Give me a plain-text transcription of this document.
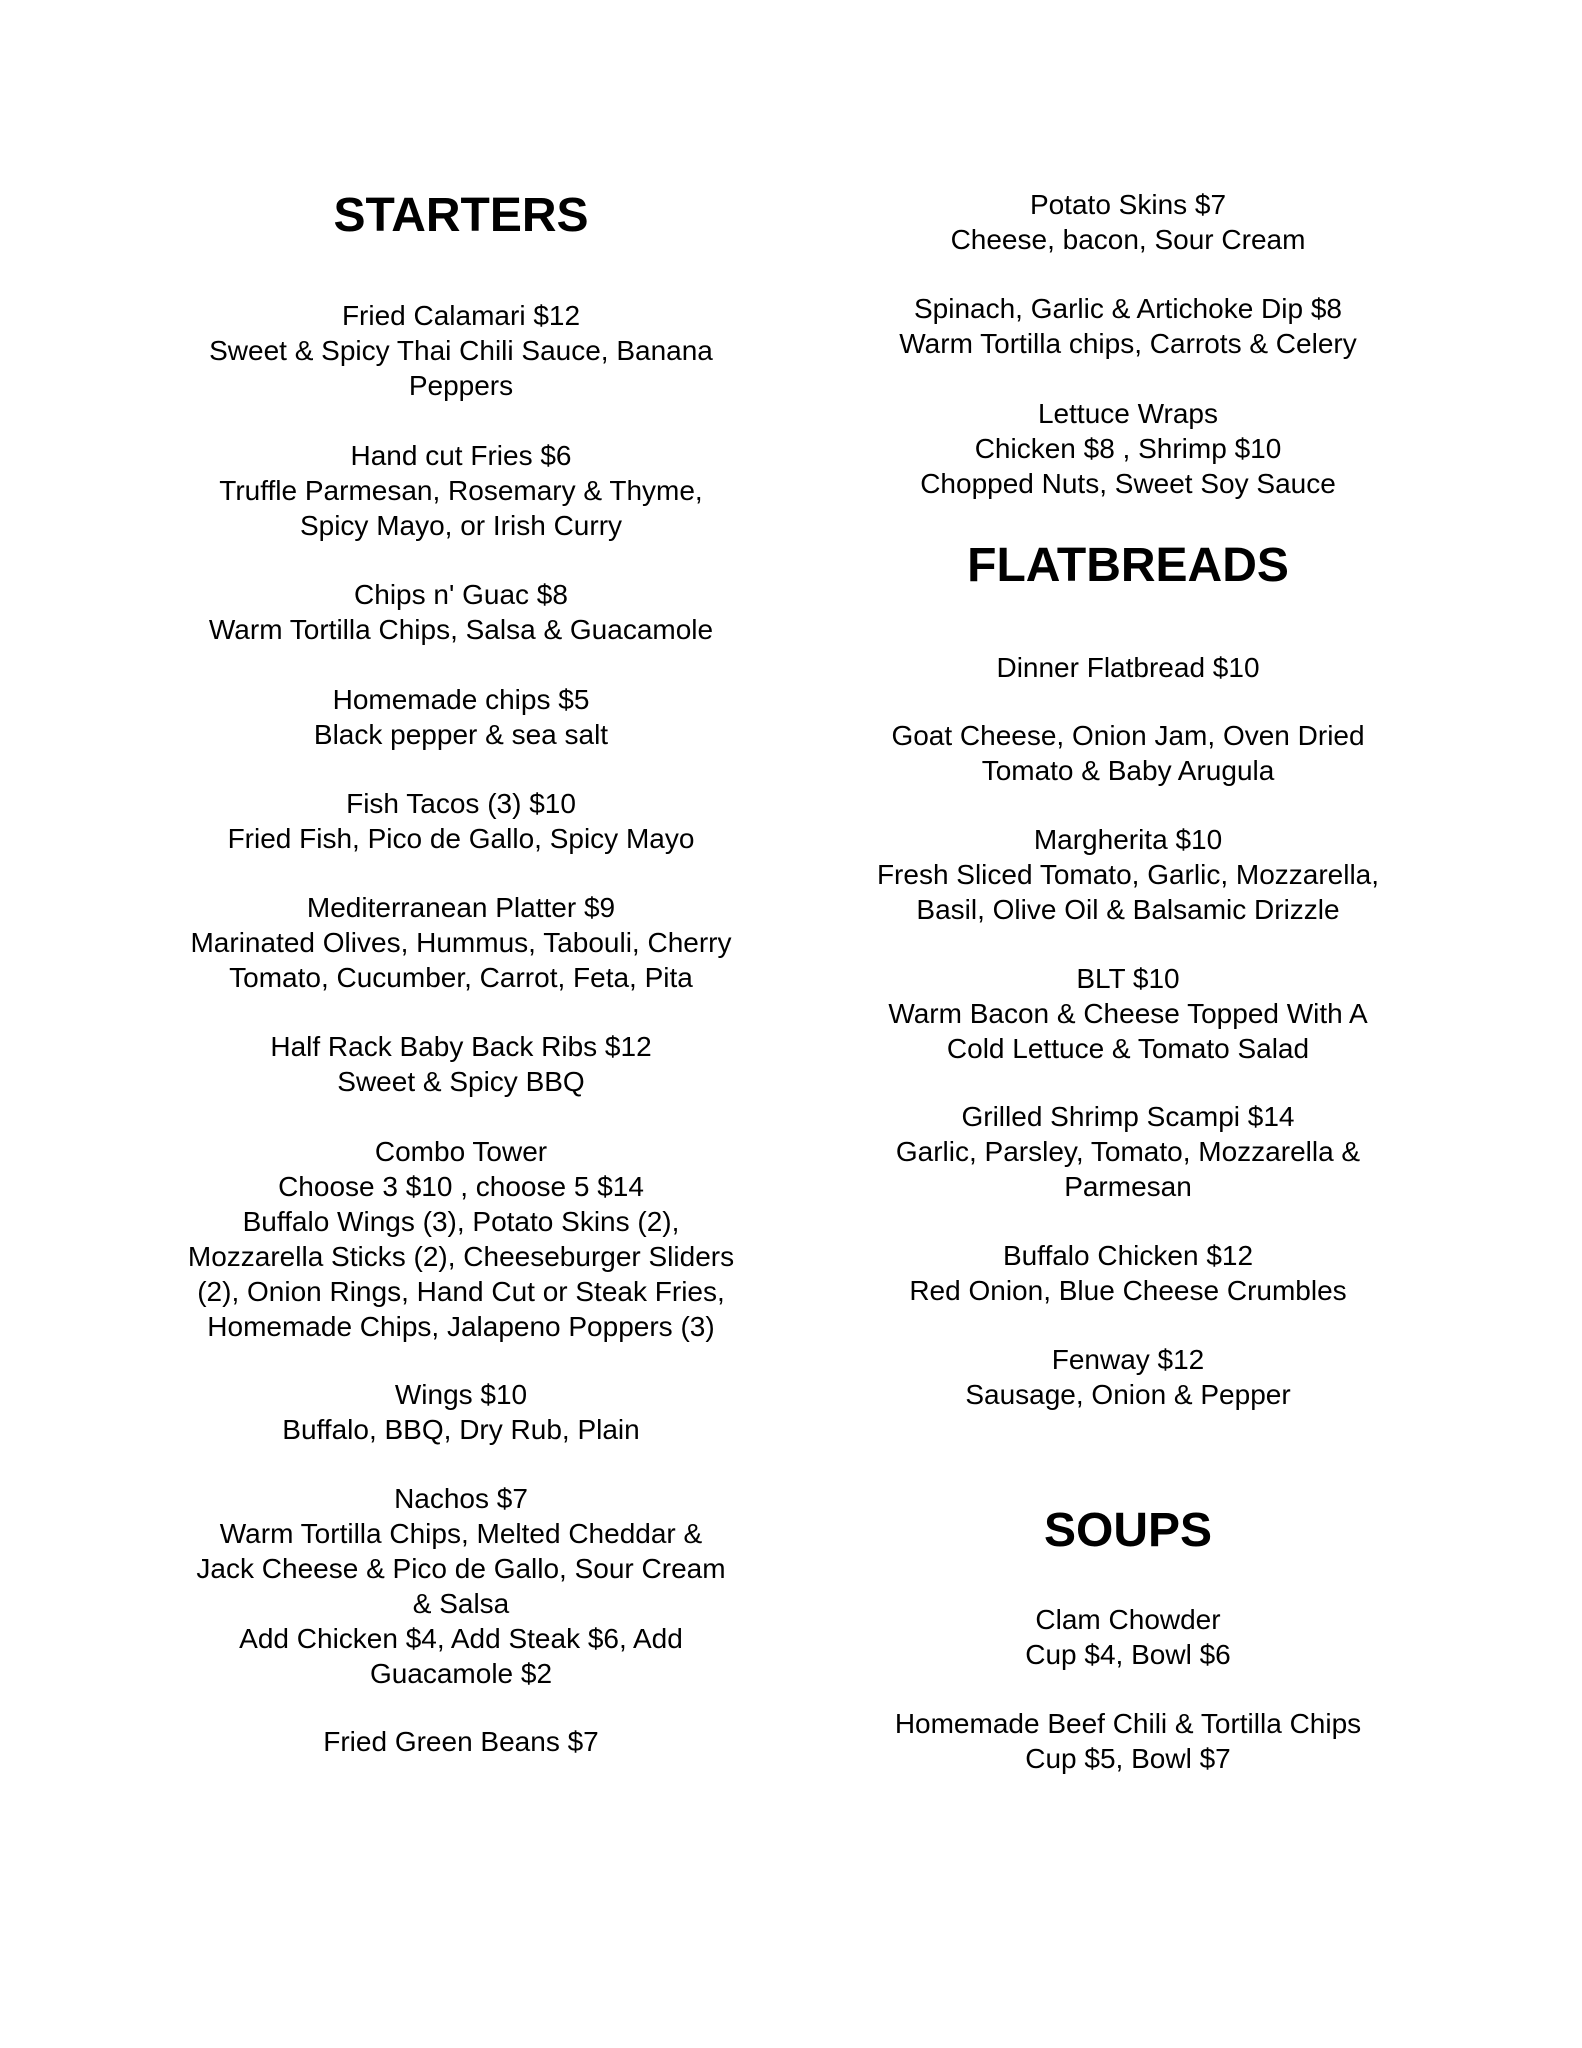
STARTERS
Fried Calamari $12
Sweet & Spicy Thai Chili Sauce, Banana
Peppers
Hand cut Fries $6
Truffle Parmesan, Rosemary & Thyme,
Spicy Mayo, or Irish Curry
Chips n' Guac $8
Warm Tortilla Chips, Salsa & Guacamole
Homemade chips $5
Black pepper & sea salt
Fish Tacos (3) $10
Fried Fish, Pico de Gallo, Spicy Mayo
Mediterranean Platter $9
Marinated Olives, Hummus, Tabouli, Cherry
Tomato, Cucumber, Carrot, Feta, Pita
Half Rack Baby Back Ribs $12
Sweet & Spicy BBQ
Combo Tower
Choose 3 $10 , choose 5 $14
Buffalo Wings (3), Potato Skins (2),
Mozzarella Sticks (2), Cheeseburger Sliders
(2), Onion Rings, Hand Cut or Steak Fries,
Homemade Chips, Jalapeno Poppers (3)
Wings $10
Buffalo, BBQ, Dry Rub, Plain
Nachos $7
Warm Tortilla Chips, Melted Cheddar &
Jack Cheese & Pico de Gallo, Sour Cream
& Salsa
Add Chicken $4, Add Steak $6, Add
Guacamole $2
Fried Green Beans $7
Potato Skins $7
Cheese, bacon, Sour Cream
Spinach, Garlic & Artichoke Dip $8
Warm Tortilla chips, Carrots & Celery
Lettuce Wraps
Chicken $8 , Shrimp $10
Chopped Nuts, Sweet Soy Sauce
FLATBREADS
Dinner Flatbread $10
Goat Cheese, Onion Jam, Oven Dried
Tomato & Baby Arugula
Margherita $10
Fresh Sliced Tomato, Garlic, Mozzarella,
Basil, Olive Oil & Balsamic Drizzle
BLT $10
Warm Bacon & Cheese Topped With A
Cold Lettuce & Tomato Salad
Grilled Shrimp Scampi $14
Garlic, Parsley, Tomato, Mozzarella &
Parmesan
Buffalo Chicken $12
Red Onion, Blue Cheese Crumbles
Fenway $12
Sausage, Onion & Pepper
SOUPS
Clam Chowder
Cup $4, Bowl $6
Homemade Beef Chili & Tortilla Chips
Cup $5, Bowl $7
